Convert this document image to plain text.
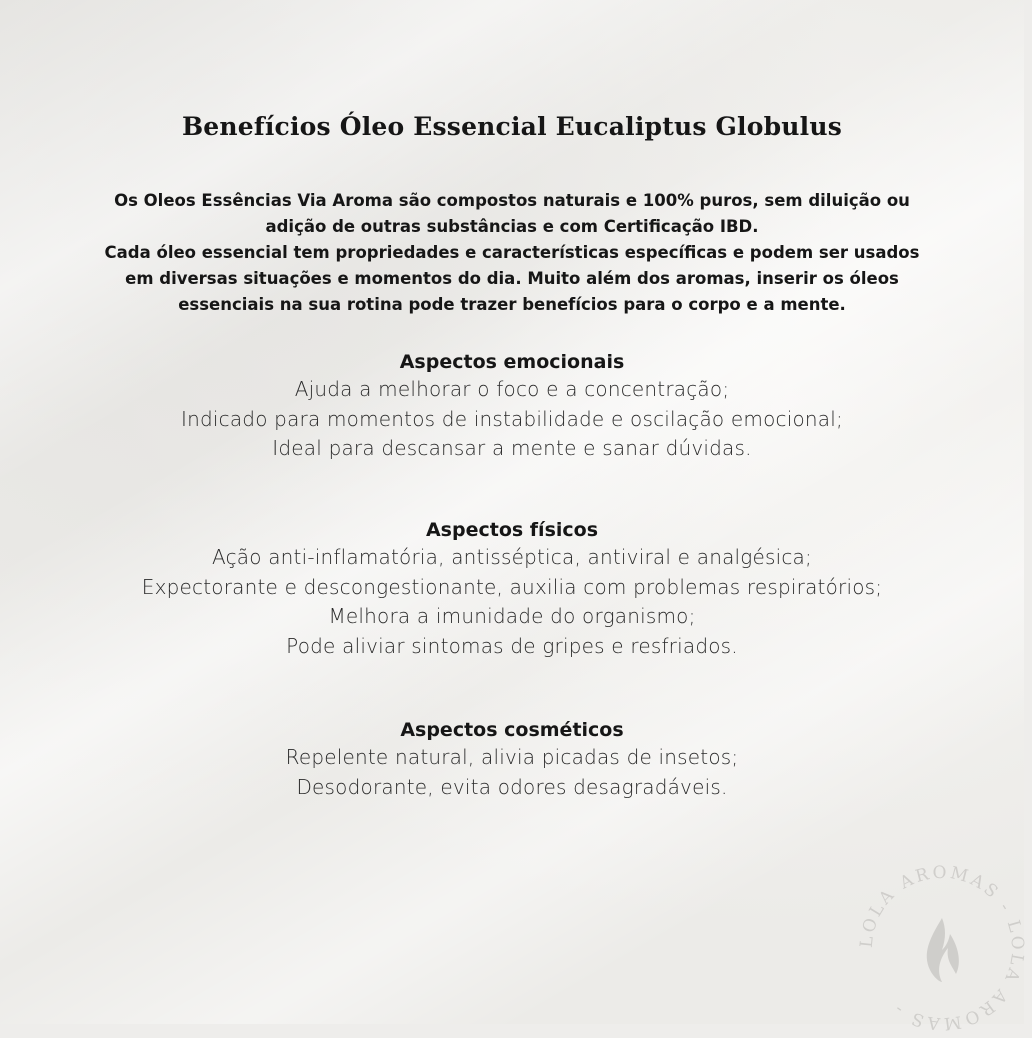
Benefícios Óleo Essencial Eucaliptus Globulus

Os Oleos Essências Via Aroma são compostos naturais e 100% puros, sem diluição ou
adição de outras substâncias e com Certificação IBD.
Cada óleo essencial tem propriedades e características específicas e podem ser usados
em diversas situações e momentos do dia. Muito além dos aromas, inserir os óleos
essenciais na sua rotina pode trazer benefícios para o corpo e a mente.

Aspectos emocionais
Ajuda a melhorar o foco e a concentração;
Indicado para momentos de instabilidade e oscilação emocional;
Ideal para descansar a mente e sanar dúvidas.
Aspectos físicos
Ação anti-inflamatória, antisséptica, antiviral e analgésica;
Expectorante e descongestionante, auxilia com problemas respiratórios;
Melhora a imunidade do organismo;
Pode aliviar sintomas de gripes e resfriados.
Aspectos cosméticos
Repelente natural, alivia picadas de insetos;
Desodorante, evita odores desagradáveis.
LOLA AROMAS - LOLA AROMAS -
